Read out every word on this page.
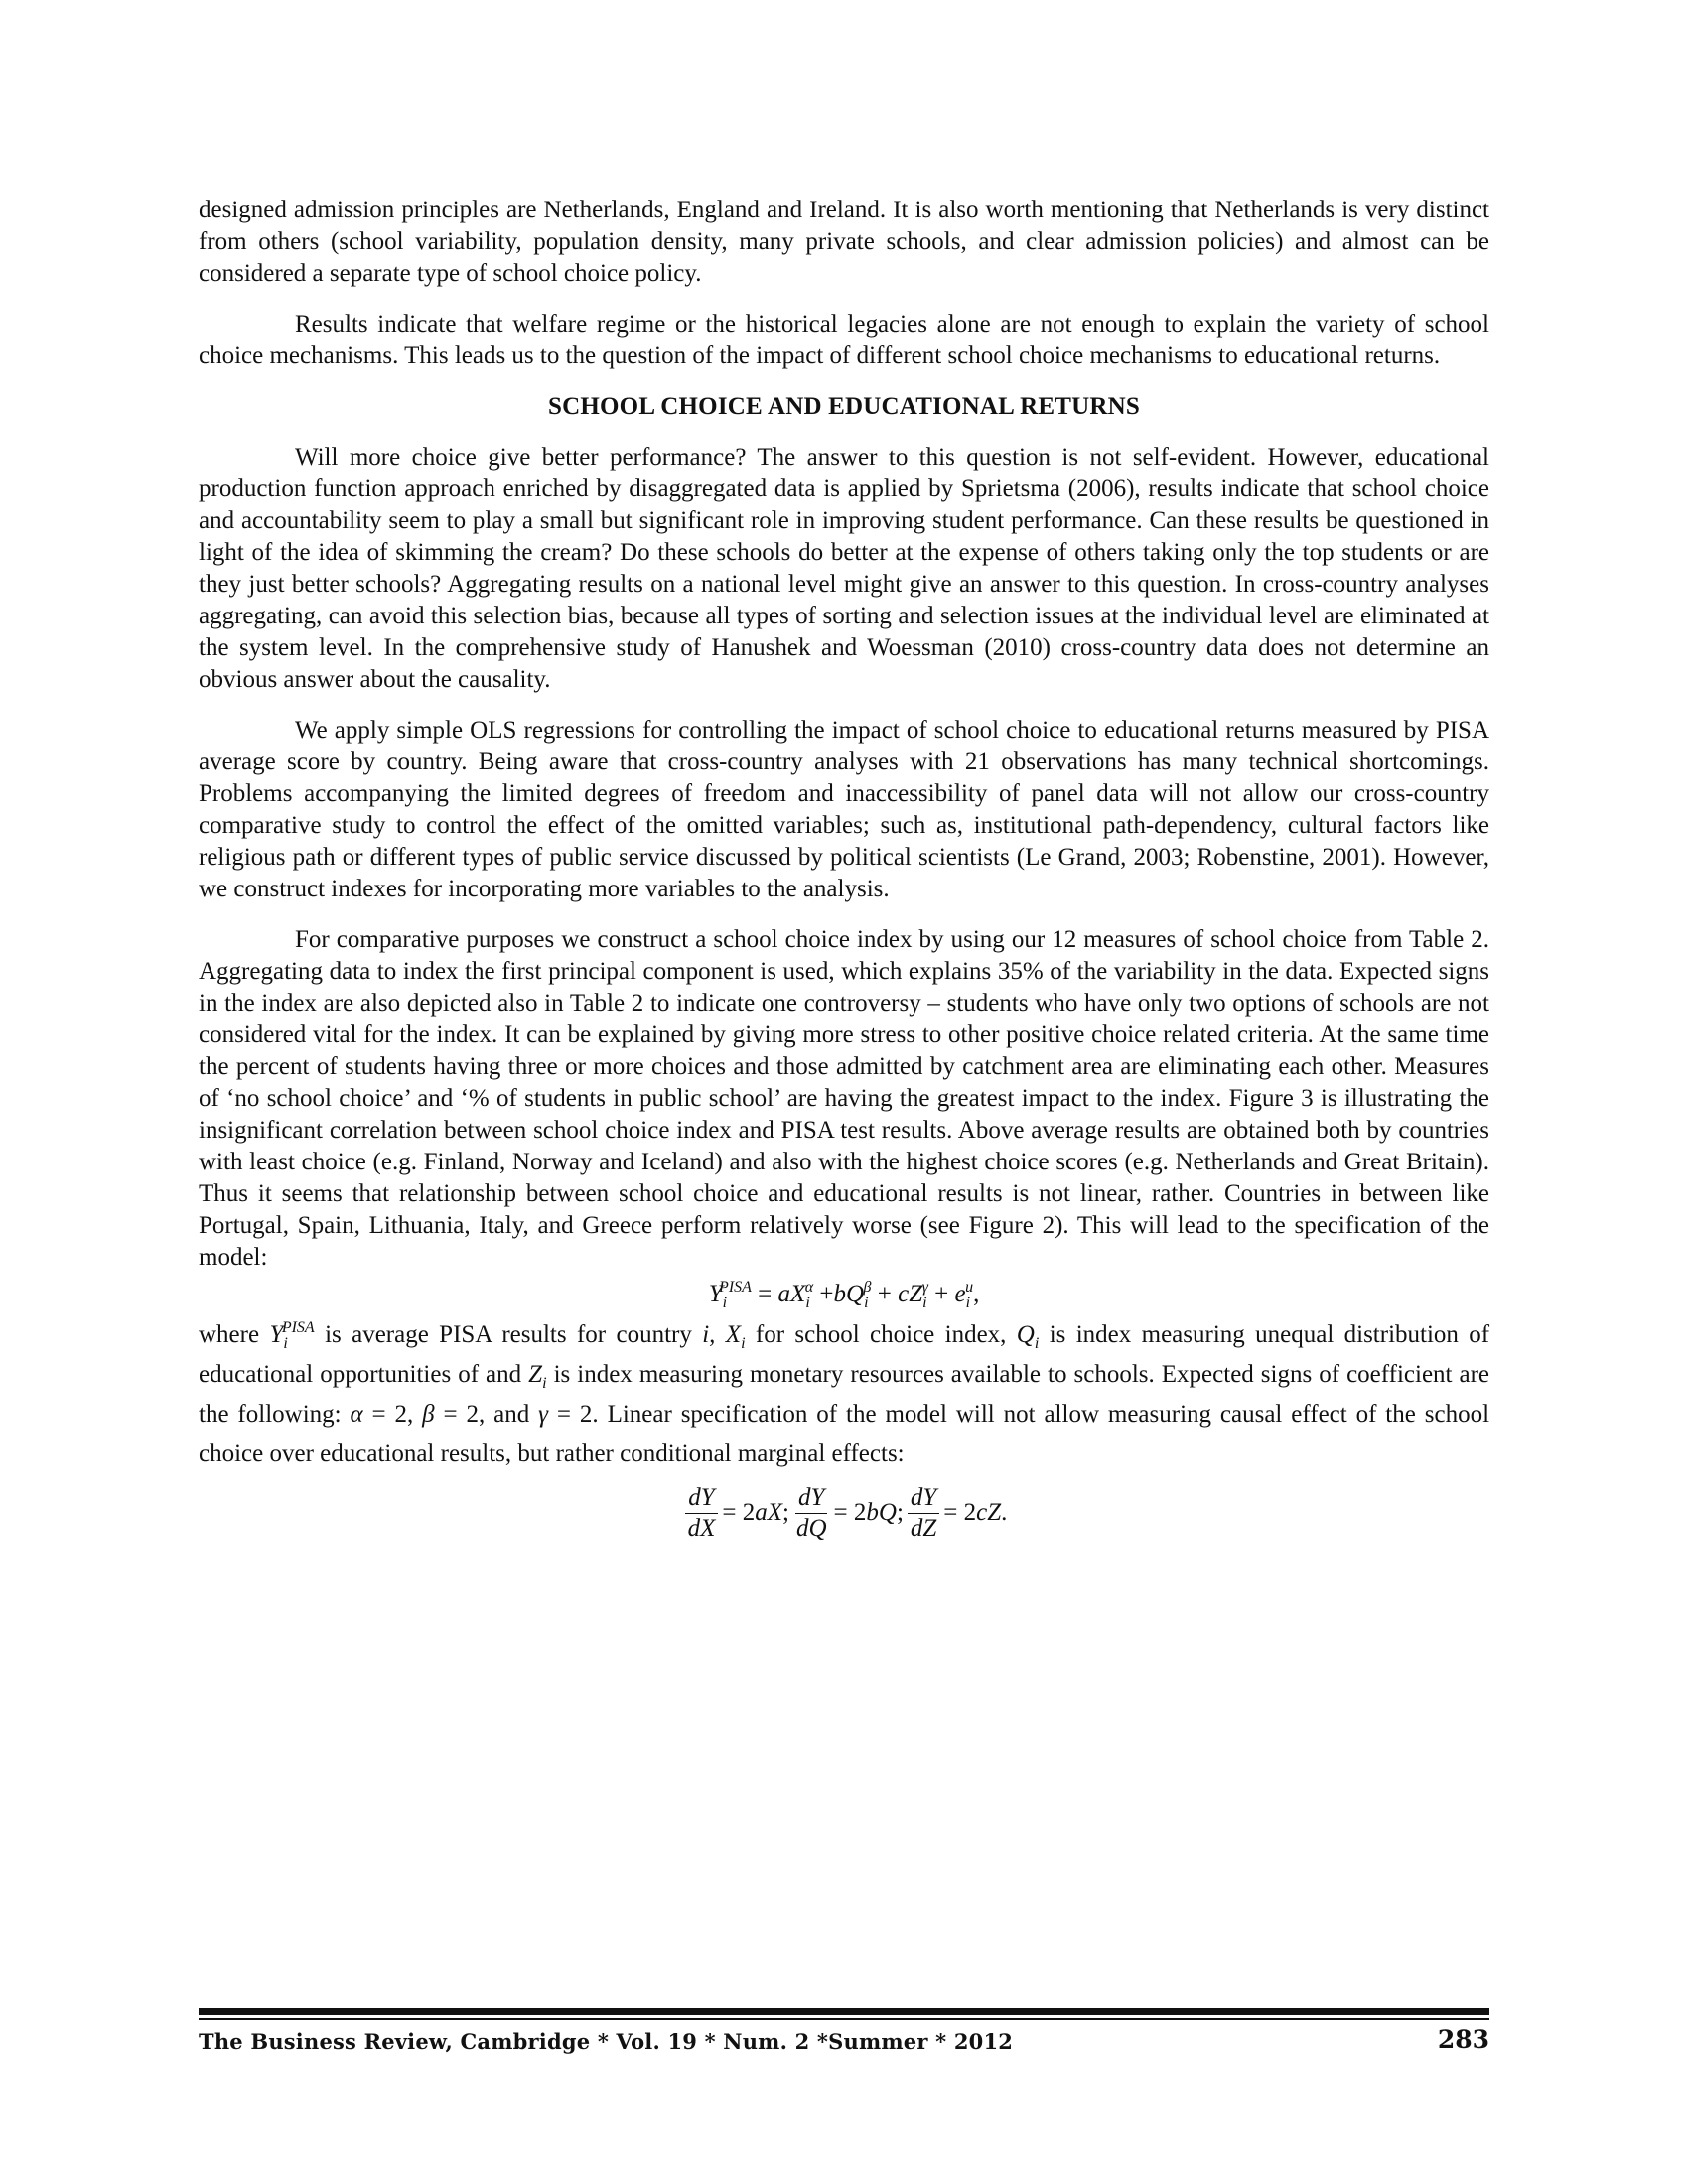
designed admission principles are Netherlands, England and Ireland. It is also worth mentioning that Netherlands is very distinct from others (school variability, population density, many private schools, and clear admission policies) and almost can be considered a separate type of school choice policy.

Results indicate that welfare regime or the historical legacies alone are not enough to explain the variety of school choice mechanisms. This leads us to the question of the impact of different school choice mechanisms to educational returns.

SCHOOL CHOICE AND EDUCATIONAL RETURNS

Will more choice give better performance? The answer to this question is not self-evident. However, educational production function approach enriched by disaggregated data is applied by Sprietsma (2006), results indicate that school choice and accountability seem to play a small but significant role in improving student performance. Can these results be questioned in light of the idea of skimming the cream? Do these schools do better at the expense of others taking only the top students or are they just better schools? Aggregating results on a national level might give an answer to this question. In cross-country analyses aggregating, can avoid this selection bias, because all types of sorting and selection issues at the individual level are eliminated at the system level. In the comprehensive study of Hanushek and Woessman (2010) cross-country data does not determine an obvious answer about the causality.

We apply simple OLS regressions for controlling the impact of school choice to educational returns measured by PISA average score by country. Being aware that cross-country analyses with 21 observations has many technical shortcomings. Problems accompanying the limited degrees of freedom and inaccessibility of panel data will not allow our cross-country comparative study to control the effect of the omitted variables; such as, institutional path-dependency, cultural factors like religious path or different types of public service discussed by political scientists (Le Grand, 2003; Robenstine, 2001). However, we construct indexes for incorporating more variables to the analysis.

For comparative purposes we construct a school choice index by using our 12 measures of school choice from Table 2. Aggregating data to index the first principal component is used, which explains 35% of the variability in the data. Expected signs in the index are also depicted also in Table 2 to indicate one controversy – students who have only two options of schools are not considered vital for the index. It can be explained by giving more stress to other positive choice related criteria. At the same time the percent of students having three or more choices and those admitted by catchment area are eliminating each other. Measures of ‘no school choice’ and ‘% of students in public school’ are having the greatest impact to the index. Figure 3 is illustrating the insignificant correlation between school choice index and PISA test results. Above average results are obtained both by countries with least choice (e.g. Finland, Norway and Iceland) and also with the highest choice scores (e.g. Netherlands and Great Britain). Thus it seems that relationship between school choice and educational results is not linear, rather. Countries in between like Portugal, Spain, Lithuania, Italy, and Greece perform relatively worse (see Figure 2). This will lead to the specification of the model:

$Y_i^{PISA} = aX_i^\alpha +bQ_i^\beta + cZ_i^\gamma + e_i^u$,

where $Y_i^{PISA}$ is average PISA results for country i, $X_i$ for school choice index, $Q_i$ is index measuring unequal distribution of educational opportunities of and $Z_i$ is index measuring monetary resources available to schools. Expected signs of coefficient are the following: α = 2, β = 2, and γ = 2. Linear specification of the model will not allow measuring causal effect of the school choice over educational results, but rather conditional marginal effects:

$\frac{dY}{dX} = 2$ aX ; $\frac{dY}{dQ} = 2$ bQ ; $\frac{dY}{dZ} = 2$ cZ .
The Business Review, Cambridge * Vol. 19 * Num. 2 *Summer * 2012	283
